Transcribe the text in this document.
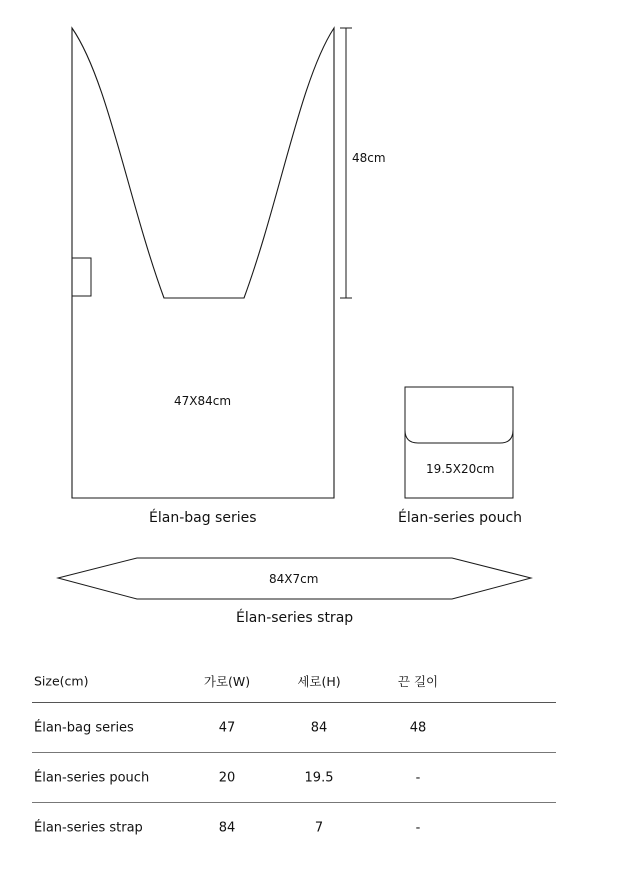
48cm
47X84cm
Élan-bag series
19.5X20cm
Élan-series pouch
84X7cm
Élan-series strap
Size(cm)	가로(W)	세로(H)	끈 길이
Élan-bag series	47	84	48
Élan-series pouch	20	19.5	-
Élan-series strap	84	7	-
